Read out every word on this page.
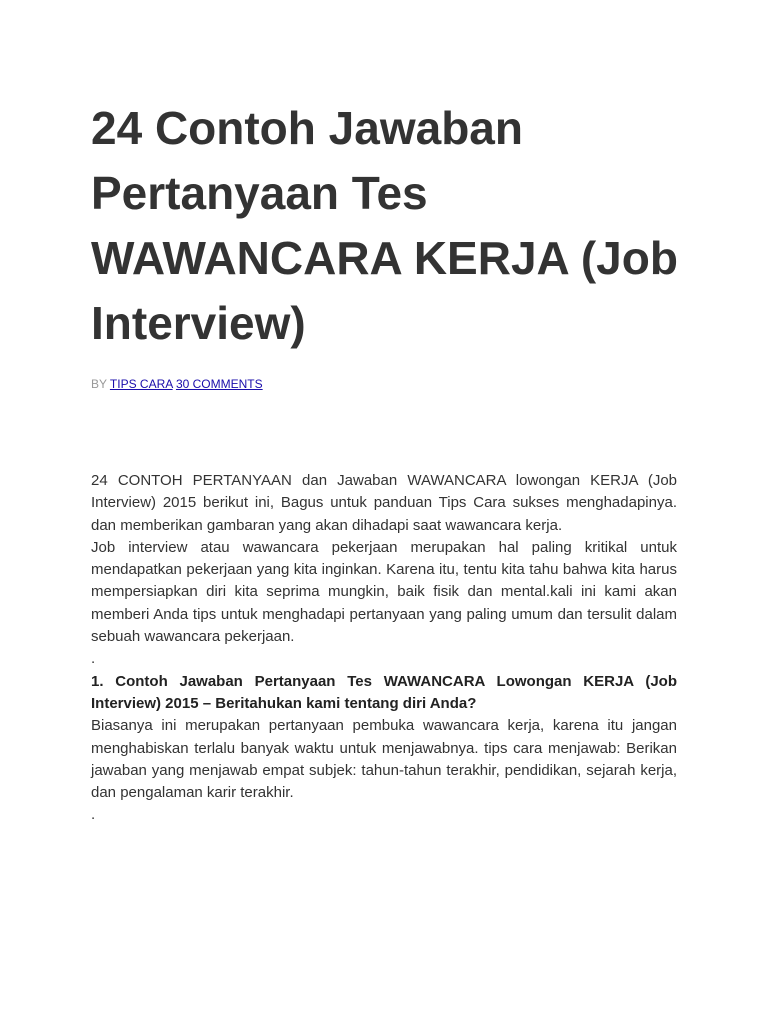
24 Contoh Jawaban Pertanyaan Tes WAWANCARA KERJA (Job Interview)
BY TIPS CARA 30 COMMENTS

24 CONTOH PERTANYAAN dan Jawaban WAWANCARA lowongan KERJA (Job Interview) 2015 berikut ini, Bagus untuk panduan Tips Cara sukses menghadapinya. dan memberikan gambaran yang akan dihadapi saat wawancara kerja.

Job interview atau wawancara pekerjaan merupakan hal paling kritikal untuk mendapatkan pekerjaan yang kita inginkan. Karena itu, tentu kita tahu bahwa kita harus mempersiapkan diri kita seprima mungkin, baik fisik dan mental.kali ini kami akan memberi Anda tips untuk menghadapi pertanyaan yang paling umum dan tersulit dalam sebuah wawancara pekerjaan.

.

1. Contoh Jawaban Pertanyaan Tes WAWANCARA Lowongan KERJA (Job Interview) 2015 – Beritahukan kami tentang diri Anda?

Biasanya ini merupakan pertanyaan pembuka wawancara kerja, karena itu jangan menghabiskan terlalu banyak waktu untuk menjawabnya. tips cara menjawab: Berikan jawaban yang menjawab empat subjek: tahun-tahun terakhir, pendidikan, sejarah kerja, dan pengalaman karir terakhir.

.
